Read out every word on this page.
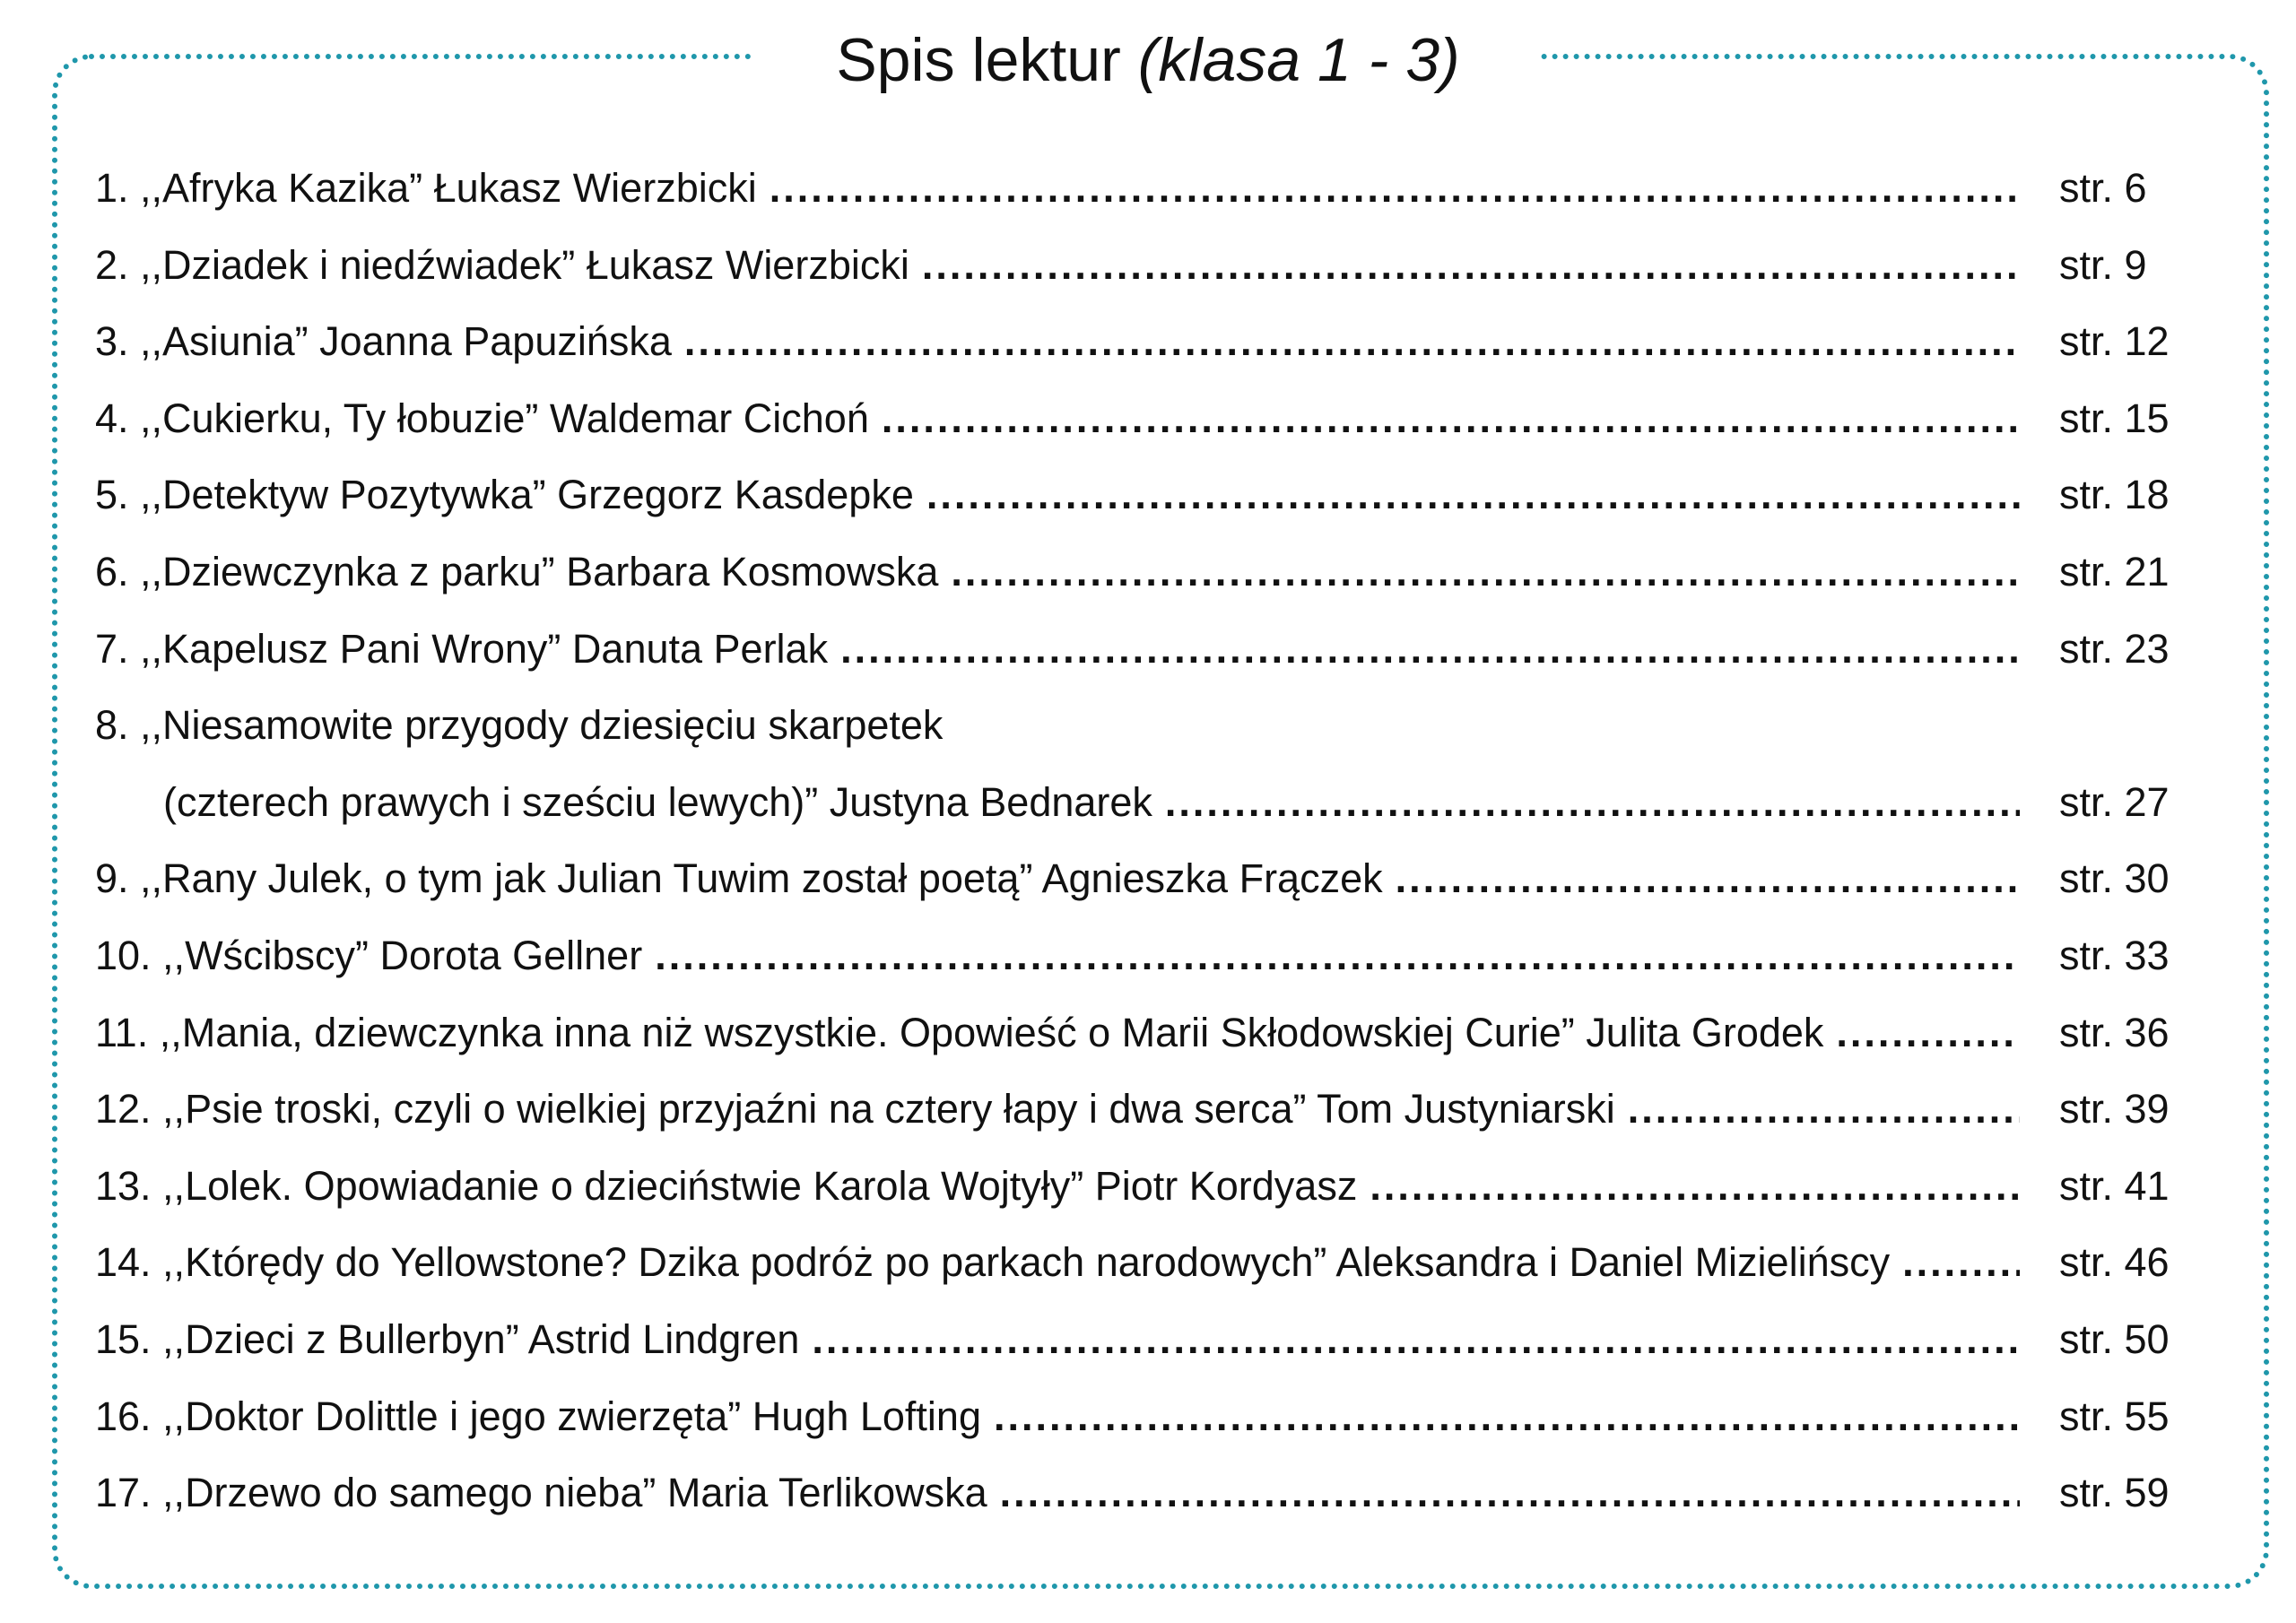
Spis lektur (klasa 1 - 3)
1. ,,Afryka Kazika” Łukasz Wierzbicki .....	str. 6
2. ,,Dziadek i niedźwiadek” Łukasz Wierzbicki .....	str. 9
3. ,,Asiunia” Joanna Papuzińska .....	str. 12
4. ,,Cukierku, Ty łobuzie” Waldemar Cichoń .....	str. 15
5. ,,Detektyw Pozytywka” Grzegorz Kasdepke .....	str. 18
6. ,,Dziewczynka z parku” Barbara Kosmowska .....	str. 21
7. ,,Kapelusz Pani Wrony” Danuta Perlak .....	str. 23
8. ,,Niesamowite przygody dziesięciu skarpetek
(czterech prawych i sześciu lewych)” Justyna Bednarek .....	str. 27
9. ,,Rany Julek, o tym jak Julian Tuwim został poetą” Agnieszka Frączek .....	str. 30
10. ,,Wścibscy” Dorota Gellner .....	str. 33
11. ,,Mania, dziewczynka inna niż wszystkie. Opowieść o Marii Skłodowskiej Curie” Julita Grodek .....	str. 36
12. ,,Psie troski, czyli o wielkiej przyjaźni na cztery łapy i dwa serca” Tom Justyniarski .....	str. 39
13. ,,Lolek. Opowiadanie o dzieciństwie Karola Wojtyły” Piotr Kordyasz .....	str. 41
14. ,,Którędy do Yellowstone? Dzika podróż po parkach narodowych” Aleksandra i Daniel Mizielińscy .....	str. 46
15. ,,Dzieci z Bullerbyn” Astrid Lindgren .....	str. 50
16. ,,Doktor Dolittle i jego zwierzęta” Hugh Lofting .....	str. 55
17. ,,Drzewo do samego nieba” Maria Terlikowska .....	str. 59
